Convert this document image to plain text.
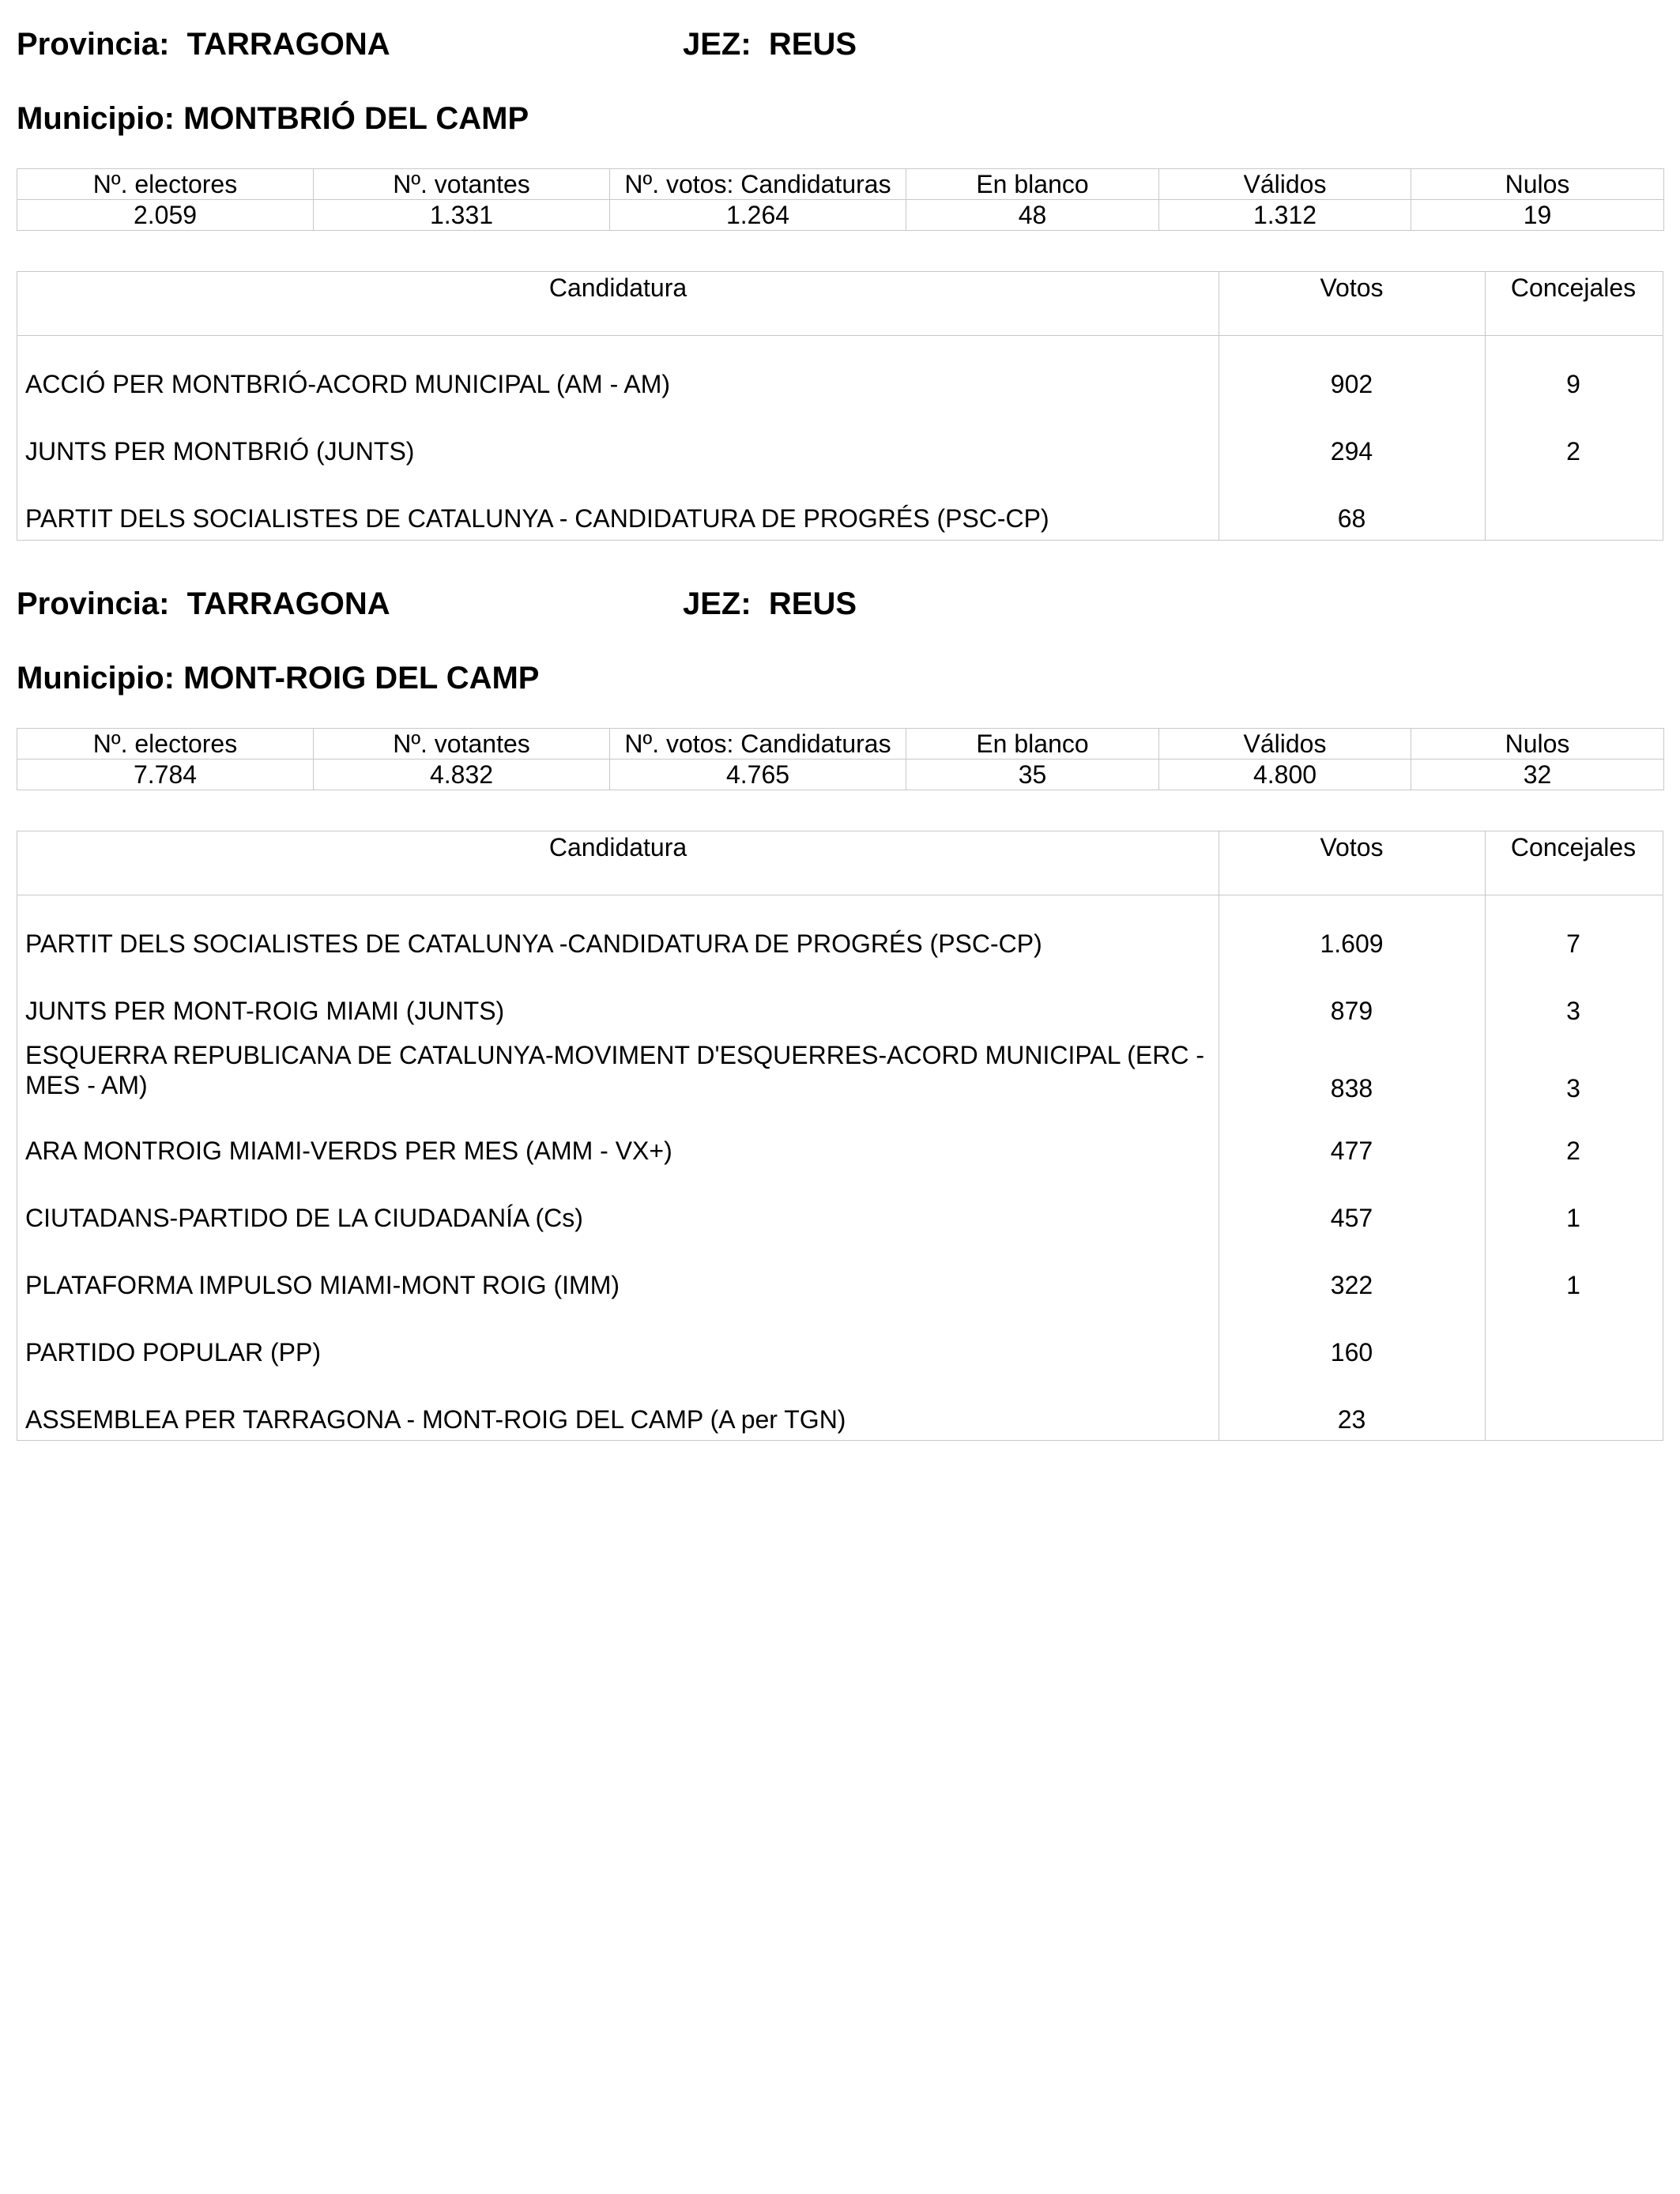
Provincia: TARRAGONA	JEZ: REUS
Municipio: MONTBRIÓ DEL CAMP
Nº. electores	Nº. votantes	Nº. votos: Candidaturas	En blanco	Válidos	Nulos
2.059	1.331	1.264	48	1.312	19
Candidatura	Votos	Concejales
ACCIÓ PER MONTBRIÓ-ACORD MUNICIPAL (AM - AM)	902	9
JUNTS PER MONTBRIÓ (JUNTS)	294	2
PARTIT DELS SOCIALISTES DE CATALUNYA - CANDIDATURA DE PROGRÉS (PSC-CP)	68
Provincia: TARRAGONA	JEZ: REUS
Municipio: MONT-ROIG DEL CAMP
Nº. electores	Nº. votantes	Nº. votos: Candidaturas	En blanco	Válidos	Nulos
7.784	4.832	4.765	35	4.800	32
Candidatura	Votos	Concejales
PARTIT DELS SOCIALISTES DE CATALUNYA -CANDIDATURA DE PROGRÉS (PSC-CP)	1.609	7
JUNTS PER MONT-ROIG MIAMI (JUNTS)	879	3
ESQUERRA REPUBLICANA DE CATALUNYA-MOVIMENT D'ESQUERRES-ACORD MUNICIPAL (ERC - MES - AM)	838	3
ARA MONTROIG MIAMI-VERDS PER MES (AMM - VX+)	477	2
CIUTADANS-PARTIDO DE LA CIUDADANÍA (Cs)	457	1
PLATAFORMA IMPULSO MIAMI-MONT ROIG (IMM)	322	1
PARTIDO POPULAR (PP)	160
ASSEMBLEA PER TARRAGONA - MONT-ROIG DEL CAMP (A per TGN)	23
